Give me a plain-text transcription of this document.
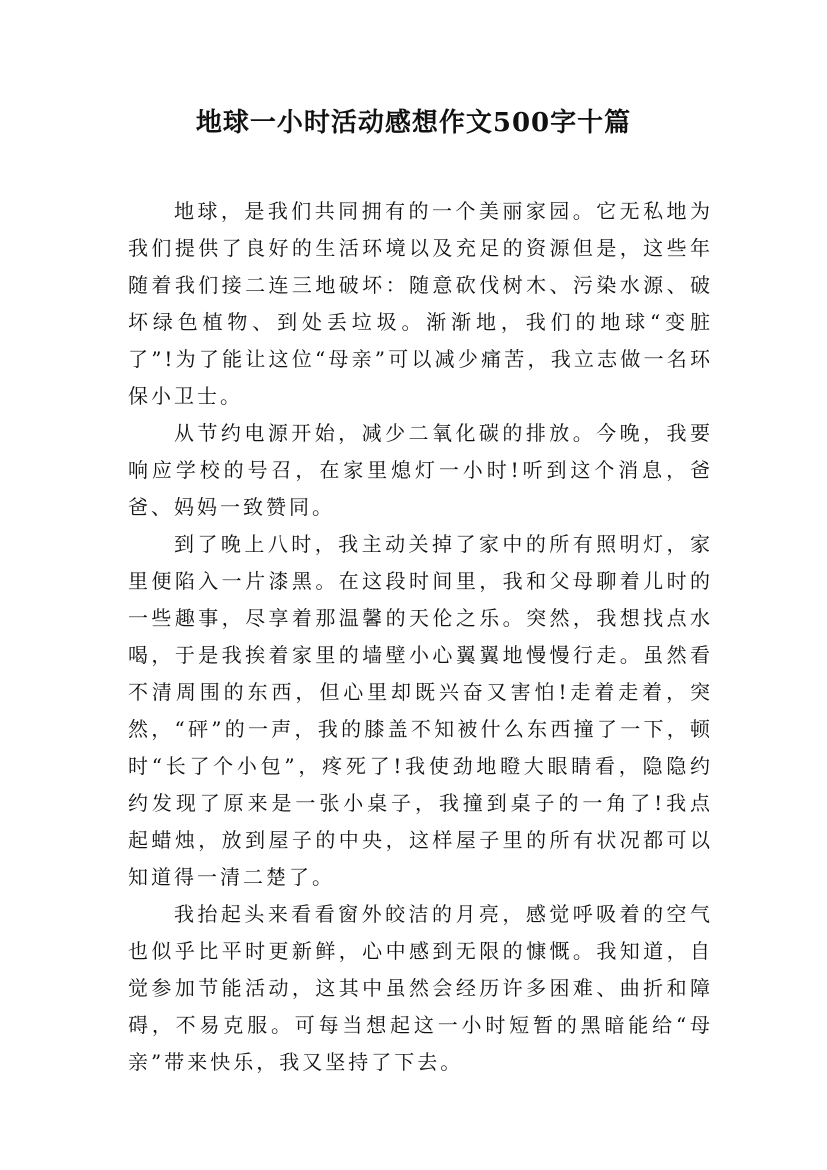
地球一小时活动感想作文500字十篇

地球，是我们共同拥有的一个美丽家园。它无私地为我们提供了良好的生活环境以及充足的资源但是，这些年随着我们接二连三地破坏：随意砍伐树木、污染水源、破坏绿色植物、到处丢垃圾。渐渐地，我们的地球“变脏了”!为了能让这位“母亲”可以减少痛苦，我立志做一名环保小卫士。

从节约电源开始，减少二氧化碳的排放。今晚，我要响应学校的号召，在家里熄灯一小时!听到这个消息，爸爸、妈妈一致赞同。

到了晚上八时，我主动关掉了家中的所有照明灯，家里便陷入一片漆黑。在这段时间里，我和父母聊着儿时的一些趣事，尽享着那温馨的天伦之乐。突然，我想找点水喝，于是我挨着家里的墙壁小心翼翼地慢慢行走。虽然看不清周围的东西，但心里却既兴奋又害怕!走着走着，突然，“砰”的一声，我的膝盖不知被什么东西撞了一下，顿时“长了个小包”，疼死了!我使劲地瞪大眼睛看，隐隐约约发现了原来是一张小桌子，我撞到桌子的一角了!我点起蜡烛，放到屋子的中央，这样屋子里的所有状况都可以知道得一清二楚了。

我抬起头来看看窗外皎洁的月亮，感觉呼吸着的空气也似乎比平时更新鲜，心中感到无限的慷慨。我知道，自觉参加节能活动，这其中虽然会经历许多困难、曲折和障碍，不易克服。可每当想起这一小时短暂的黑暗能给“母亲”带来快乐，我又坚持了下去。
